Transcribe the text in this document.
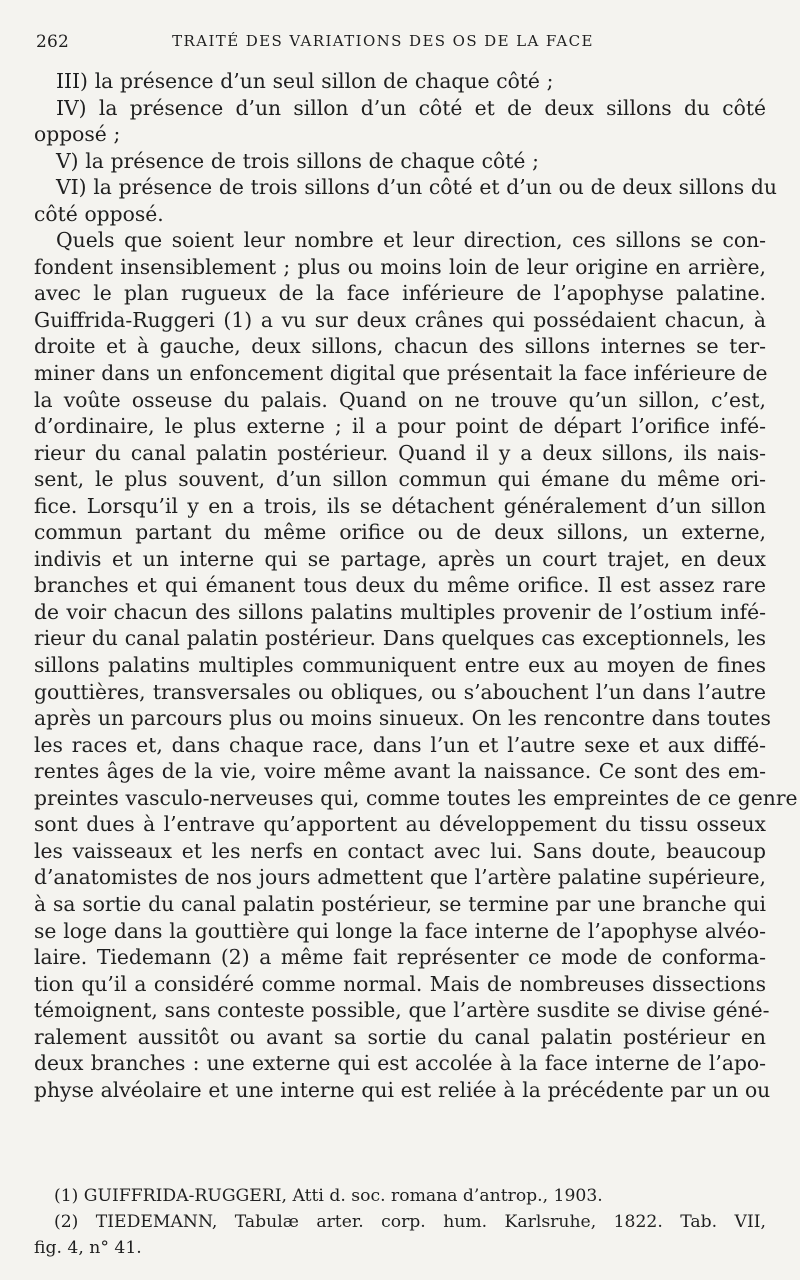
262	TRAITÉ DES VARIATIONS DES OS DE LA FACE
III) la présence d’un seul sillon de chaque côté ;
IV) la présence d’un sillon d’un côté et de deux sillons du côté
opposé ;
V) la présence de trois sillons de chaque côté ;
VI) la présence de trois sillons d’un côté et d’un ou de deux sillons du
côté opposé.
Quels que soient leur nombre et leur direction, ces sillons se con-
fondent insensiblement ; plus ou moins loin de leur origine en arrière,
avec le plan rugueux de la face inférieure de l’apophyse palatine.
Guiffrida-Ruggeri (1) a vu sur deux crânes qui possédaient chacun, à
droite et à gauche, deux sillons, chacun des sillons internes se ter-
miner dans un enfoncement digital que présentait la face inférieure de
la voûte osseuse du palais. Quand on ne trouve qu’un sillon, c’est,
d’ordinaire, le plus externe ; il a pour point de départ l’orifice infé-
rieur du canal palatin postérieur. Quand il y a deux sillons, ils nais-
sent, le plus souvent, d’un sillon commun qui émane du même ori-
fice. Lorsqu’il y en a trois, ils se détachent généralement d’un sillon
commun partant du même orifice ou de deux sillons, un externe,
indivis et un interne qui se partage, après un court trajet, en deux
branches et qui émanent tous deux du même orifice. Il est assez rare
de voir chacun des sillons palatins multiples provenir de l’ostium infé-
rieur du canal palatin postérieur. Dans quelques cas exceptionnels, les
sillons palatins multiples communiquent entre eux au moyen de fines
gouttières, transversales ou obliques, ou s’abouchent l’un dans l’autre
après un parcours plus ou moins sinueux. On les rencontre dans toutes
les races et, dans chaque race, dans l’un et l’autre sexe et aux diffé-
rentes âges de la vie, voire même avant la naissance. Ce sont des em-
preintes vasculo-nerveuses qui, comme toutes les empreintes de ce genre
sont dues à l’entrave qu’apportent au développement du tissu osseux
les vaisseaux et les nerfs en contact avec lui. Sans doute, beaucoup
d’anatomistes de nos jours admettent que l’artère palatine supérieure,
à sa sortie du canal palatin postérieur, se termine par une branche qui
se loge dans la gouttière qui longe la face interne de l’apophyse alvéo-
laire. Tiedemann (2) a même fait représenter ce mode de conforma-
tion qu’il a considéré comme normal. Mais de nombreuses dissections
témoignent, sans conteste possible, que l’artère susdite se divise géné-
ralement aussitôt ou avant sa sortie du canal palatin postérieur en
deux branches : une externe qui est accolée à la face interne de l’apo-
physe alvéolaire et une interne qui est reliée à la précédente par un ou
(1) GUIFFRIDA-RUGGERI, Atti d. soc. romana d’antrop., 1903.
(2) TIEDEMANN, Tabulæ arter. corp. hum. Karlsruhe, 1822. Tab. VII,
fig. 4, n° 41.
